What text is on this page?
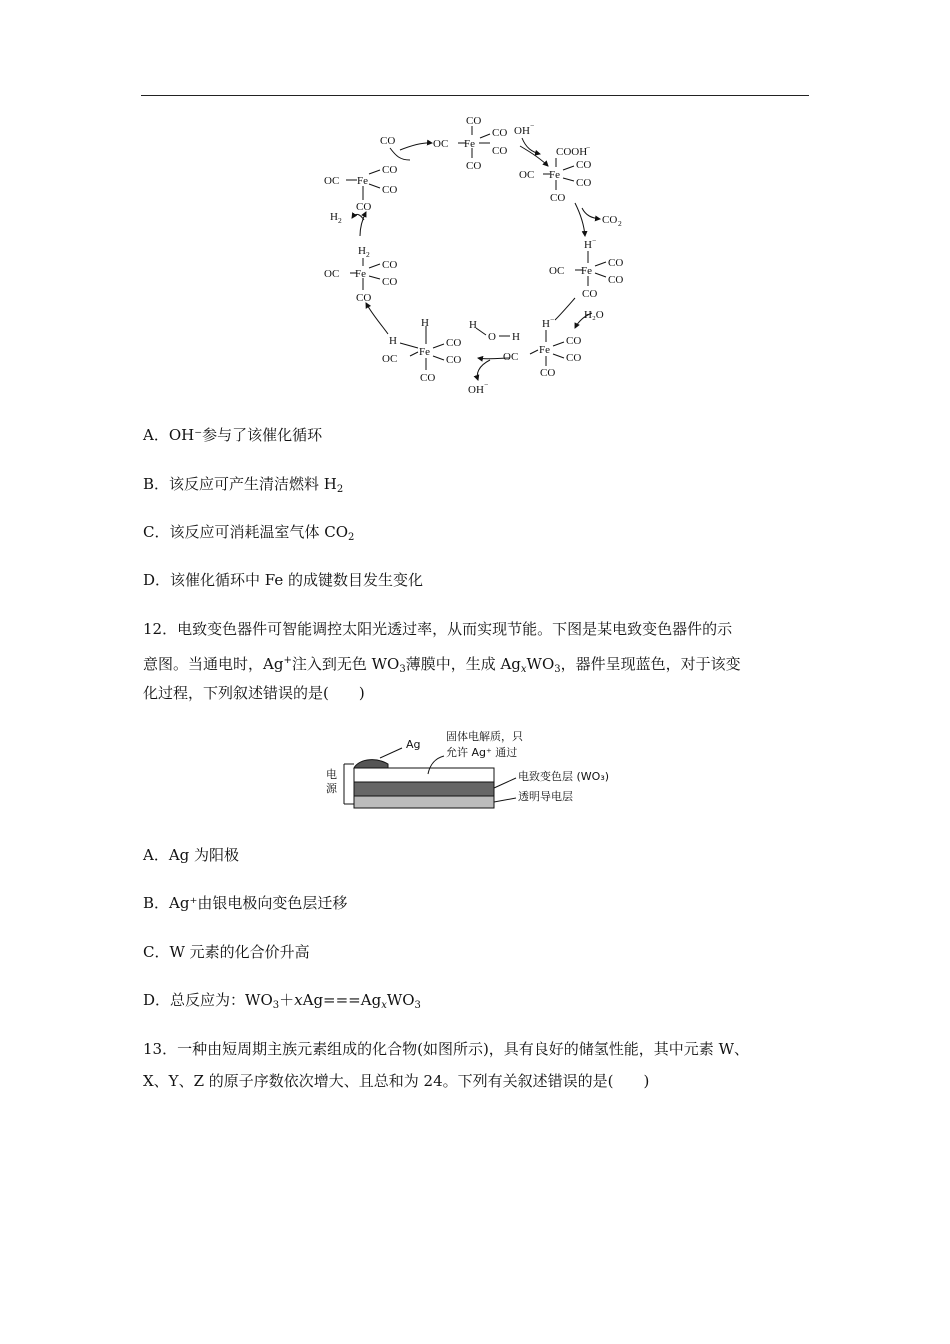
OC Fe
CO
CO
CO
CO
CO
OH −
OC Fe
COOH
−
CO
CO
CO
CO 2
OC Fe
H −
CO
CO
CO
H₂O
OC
Fe
H −
CO
CO
CO
H
O H
OH −
OC
Fe
H
H	CO
CO
CO
OC Fe
H 2
CO
CO
CO
H 2
OC Fe
CO
CO
CO
A．OH⁻参与了该催化循环
B．该反应可产生清洁燃料 $H_2$
C．该反应可消耗温室气体 $CO_2$
D．该催化循环中 Fe 的成键数目发生变化
12．电致变色器件可智能调控太阳光透过率，从而实现节能。下图是某电致变色器件的示
意图。当通电时，Ag+注入到无色 $WO_3$薄膜中，生成 $Ag_xWO_3$，器件呈现蓝色，对于该变
化过程，下列叙述错误的是(　　)
电
源
Ag
固体电解质，只
允许 Ag⁺ 通过
电致变色层 (WO₃)
透明导电层
A．Ag 为阳极
B．Ag⁺由银电极向变色层迁移
C．W 元素的化合价升高
D．总反应为：$WO_3+xAg===Ag_xWO_3$
13．一种由短周期主族元素组成的化合物(如图所示)，具有良好的储氢性能，其中元素 W、
X、Y、Z 的原子序数依次增大、且总和为 24。下列有关叙述错误的是(　　)
